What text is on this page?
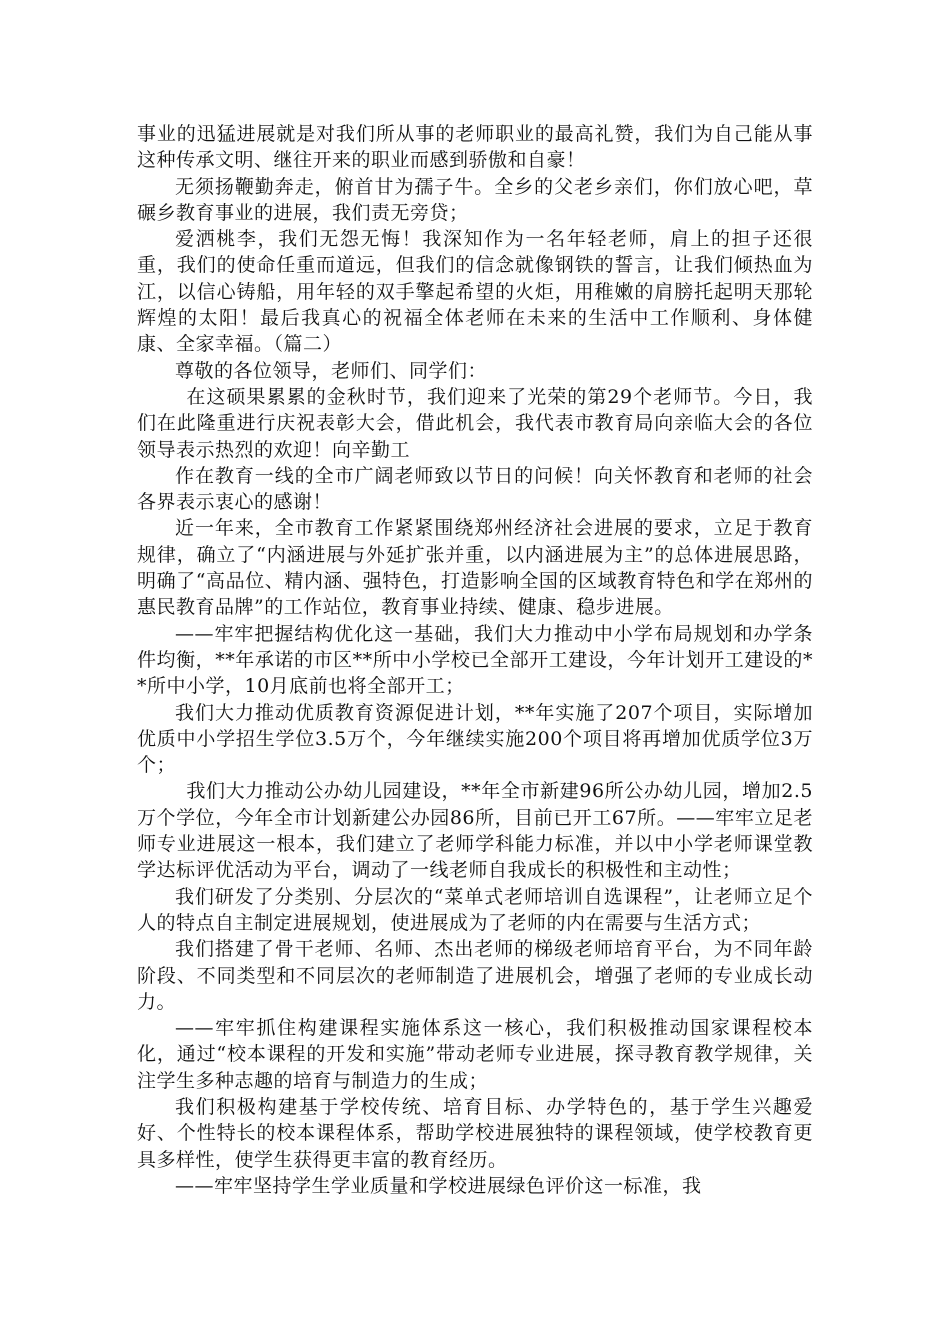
事业的迅猛进展就是对我们所从事的老师职业的最高礼赞，我们为自己能从事这种传承文明、继往开来的职业而感到骄傲和自豪！

无须扬鞭勤奔走，俯首甘为孺子牛。全乡的父老乡亲们，你们放心吧，草碾乡教育事业的进展，我们责无旁贷；

爱洒桃李，我们无怨无悔！我深知作为一名年轻老师，肩上的担子还很重，我们的使命任重而道远，但我们的信念就像钢铁的誓言，让我们倾热血为江，以信心铸船，用年轻的双手擎起希望的火炬，用稚嫩的肩膀托起明天那轮辉煌的太阳！最后我真心的祝福全体老师在未来的生活中工作顺利、身体健康、全家幸福。（篇二）

尊敬的各位领导，老师们、同学们：

在这硕果累累的金秋时节，我们迎来了光荣的第29个老师节。今日，我们在此隆重进行庆祝表彰大会，借此机会，我代表市教育局向亲临大会的各位领导表示热烈的欢迎！向辛勤工

作在教育一线的全市广阔老师致以节日的问候！向关怀教育和老师的社会各界表示衷心的感谢！

近一年来，全市教育工作紧紧围绕郑州经济社会进展的要求，立足于教育规律，确立了“内涵进展与外延扩张并重，以内涵进展为主”的总体进展思路，明确了“高品位、精内涵、强特色，打造影响全国的区域教育特色和学在郑州的惠民教育品牌”的工作站位，教育事业持续、健康、稳步进展。

——牢牢把握结构优化这一基础，我们大力推动中小学布局规划和办学条件均衡，**年承诺的市区**所中小学校已全部开工建设，今年计划开工建设的**所中小学，10月底前也将全部开工；

我们大力推动优质教育资源促进计划，**年实施了207个项目，实际增加优质中小学招生学位3.5万个，今年继续实施200个项目将再增加优质学位3万个；

我们大力推动公办幼儿园建设，**年全市新建96所公办幼儿园，增加2.5万个学位，今年全市计划新建公办园86所，目前已开工67所。——牢牢立足老师专业进展这一根本，我们建立了老师学科能力标准，并以中小学老师课堂教学达标评优活动为平台，调动了一线老师自我成长的积极性和主动性；

我们研发了分类别、分层次的“菜单式老师培训自选课程”，让老师立足个人的特点自主制定进展规划，使进展成为了老师的内在需要与生活方式；

我们搭建了骨干老师、名师、杰出老师的梯级老师培育平台，为不同年龄阶段、不同类型和不同层次的老师制造了进展机会，增强了老师的专业成长动力。

——牢牢抓住构建课程实施体系这一核心，我们积极推动国家课程校本化，通过“校本课程的开发和实施”带动老师专业进展，探寻教育教学规律，关注学生多种志趣的培育与制造力的生成；

我们积极构建基于学校传统、培育目标、办学特色的，基于学生兴趣爱好、个性特长的校本课程体系，帮助学校进展独特的课程领域，使学校教育更具多样性，使学生获得更丰富的教育经历。

——牢牢坚持学生学业质量和学校进展绿色评价这一标准，我
